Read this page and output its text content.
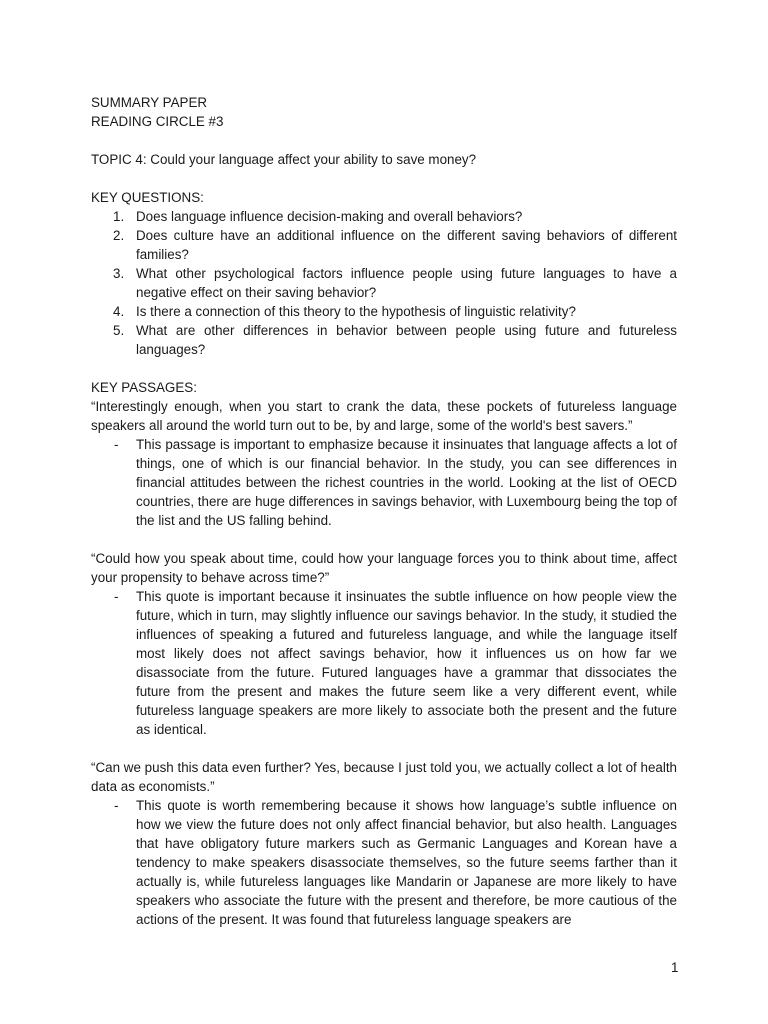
SUMMARY PAPER
READING CIRCLE #3
TOPIC 4: Could your language affect your ability to save money?
KEY QUESTIONS:
1. Does language influence decision-making and overall behaviors?
2. Does culture have an additional influence on the different saving behaviors of different families?
3. What other psychological factors influence people using future languages to have a negative effect on their saving behavior?
4. Is there a connection of this theory to the hypothesis of linguistic relativity?
5. What are other differences in behavior between people using future and futureless languages?
KEY PASSAGES:
“Interestingly enough, when you start to crank the data, these pockets of futureless language speakers all around the world turn out to be, by and large, some of the world's best savers.”
- This passage is important to emphasize because it insinuates that language affects a lot of things, one of which is our financial behavior. In the study, you can see differences in financial attitudes between the richest countries in the world. Looking at the list of OECD countries, there are huge differences in savings behavior, with Luxembourg being the top of the list and the US falling behind.
“Could how you speak about time, could how your language forces you to think about time, affect your propensity to behave across time?”
- This quote is important because it insinuates the subtle influence on how people view the future, which in turn, may slightly influence our savings behavior. In the study, it studied the influences of speaking a futured and futureless language, and while the language itself most likely does not affect savings behavior, how it influences us on how far we disassociate from the future. Futured languages have a grammar that dissociates the future from the present and makes the future seem like a very different event, while futureless language speakers are more likely to associate both the present and the future as identical.
“Can we push this data even further? Yes, because I just told you, we actually collect a lot of health data as economists.”
- This quote is worth remembering because it shows how language’s subtle influence on how we view the future does not only affect financial behavior, but also health. Languages that have obligatory future markers such as Germanic Languages and Korean have a tendency to make speakers disassociate themselves, so the future seems farther than it actually is, while futureless languages like Mandarin or Japanese are more likely to have speakers who associate the future with the present and therefore, be more cautious of the actions of the present. It was found that futureless language speakers are
1
